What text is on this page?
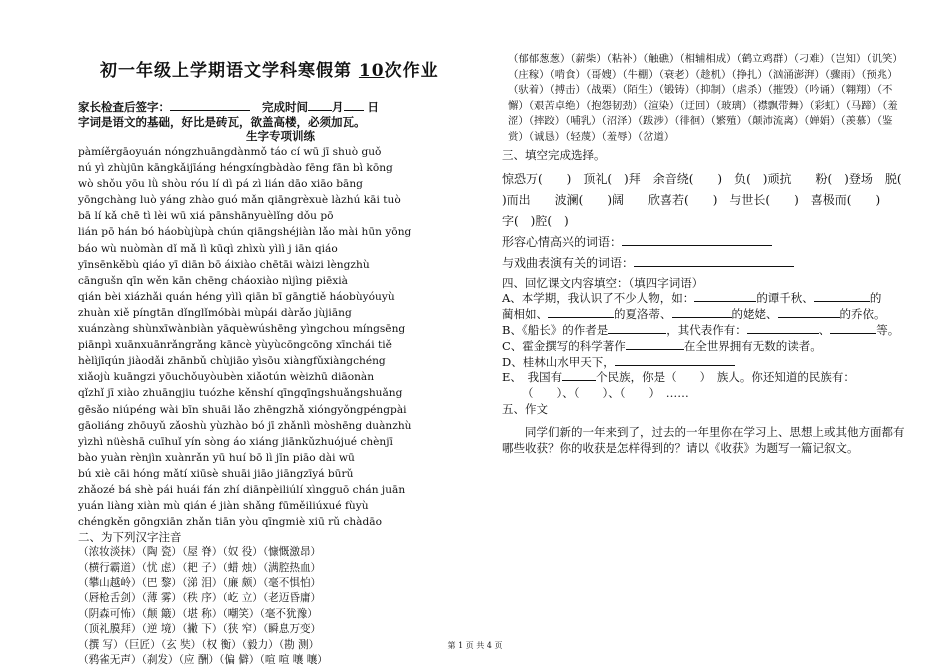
初一年级上学期语文学科寒假第 10次作业
家长检查后签字：	完成时间 月 日
字词是语文的基础，好比是砖瓦，欲盖高楼，必须加瓦。
生字专项训练
pàmíěrgāoyuán nóngzhuāngdànmǒ táo cí wū jī shuò guǒ
nú yì zhùjūn kāngkǎijīáng héngxíngbàdào fēng fān bì kōng
wò shǒu yōu lǜ shòu róu lí dì pá zì lián dāo xiāo bāng
yōngchàng luò yáng zhào guó mǎn qiāngrèxuè làzhú kāi tuò
bā lí kǎ chē tì lèi wū xiá pānshānyuèlǐng dǒu pō
lián pō hán bó háobùjùpà chún qiāngshéjiàn lǎo mài hūn yōng
báo wù nuòmàn dǐ mǎ lì kūqì zhìxù yìlì j iān qiáo
yīnsēnkěbù qiáo yī diān bō áixiào chētāi wàizi lèngzhù
cāngušn qīn wěn kān chēng cháoxiào nìjìng piēxià
qián bèi xiázhǎi quán héng yìlì qiān bī gāngtiě háobùyóuyù
zhuàn xiě píngtān dǐnglǐmóbài mùpái dàrǎo jùjiāng
xuánzàng shùnxīwànbiàn yāquèwúshēng yìngchou míngsēng
piānpì xuānxuānrǎngrǎng kāncè yùyùcōngcōng xīnchái tiě
hèlìjīqún jiàodǎi zhānbǔ chùjiāo yìsōu xiàngfǔxiàngchéng
xiǎojù kuāngzi yōuchǒuyòubèn xiǎotún wèizhū diāonàn
qǐzhǐ jī xiào zhuāngjiu tuózhe kěnshí qīngqīngshuǎngshuǎng
gēsǎo niúpéng wài bīn shuāi lǎo zhēngzhǎ xióngyǒngpéngpài
gāoliáng zhōuyǔ zǎoshù yùzhào bó jī zhǎnlì mòshēng duànzhù
yìzhì nüèshā cuīhuǐ yín sòng áo xiáng jiānkǔzhuójué chènjī
bào yuàn rènjìn xuànrǎn yū huí bō lì jīn piāo dài wū
bú xiè cāi hóng mǎtí xiūsè shuāi jiāo jiāngzīyá būrǔ
zhǎozé bá shè pái huái fán zhí diānpèiliúlí xìngguō chán juān
yuán liàng xiàn mù qián é jiàn shǎng fūměiliúxué fùyù
chéngkěn gōngxiān zhǎn tiān yòu qīngmiè xiū rǔ chàdāo
二、为下列汉字注音
（浓妆淡抹）（陶 瓷）（屋 脊）（奴 役）（慷慨激昂）
（横行霸道）（忧 虑）（耙 子）（蜡 烛）（满腔热血）
（攀山越岭）（巴 黎）（涕 泪）（廉 颇）（毫不惧怕）
（唇枪舌剑）（薄 雾）（秩 序）（屹 立）（老迈昏庸）
（阴森可怖）（颠 簸）（堪 称）（嘲笑）（毫不犹豫）
（顶礼膜拜）（逆 境）（撇 下）（狭 窄）（瞬息万变）
（撰 写）（巨匠）（玄 奘）（权 衡）（毅力）（勘 测）
（鸦雀无声）（刹发）（应 酬）（偏 僻）（喧 喧 嚷 嚷）
（郁郁葱葱）（薪柴）（粘补）（触礁）（相辅相成）（鹤立鸡群）（刁难）（岂知）（讥笑）（庄稼）（啃食）（哥嫂）（牛棚）（衰老）（趁机）（挣扎）（汹涌澎湃）（骤雨）（预兆）（驮着）（搏击）（战栗）（陌生）（锻铸）（抑制）（虐杀）（摧毁）（吟诵）（翱翔）（不懈）（艰苦卓绝）（抱怨韧劲）（渲染）（迂回）（玻璃）（襟飘带舞）（彩虹）（马蹄）（羞涩）（摔跤）（哺乳）（沼泽）（跋涉）（徘徊）（繁殖）（颠沛流离）（婵娟）（羡慕）（鉴赏）（诚恳）（轻蔑）（羞辱）（岔道）
三、填空完成选择。
惊恐万(　　)　顶礼(　)拜　余音绕(　　)　负(　)顽抗　　粉(　)登场　脱(
)而出　　波澜(　　)阔　　欣喜若(　　)　与世长(　　)　喜极而(　　)
字(　)腔(　)
形容心情高兴的词语：
与戏曲表演有关的词语：
四、回忆课文内容填空：（填四字词语）
A、本学期，我认识了不少人物，如：	的谭千秋、	的
蔺相如、	的夏洛蒂、	的姥姥、	的乔依。
B、《船长》的作者是	，其代表作有：	、	等。
C、霍金撰写的科学著作	在全世界拥有无数的读者。
D、桂林山水甲天下，
E、　我国有	个民族，你是（　　）　族人。你还知道的民族有：
（　　）、（　　）、（　　）　……
五、作文
同学们新的一年来到了，过去的一年里你在学习上、思想上或其他方面都有哪些收获？你的收获是怎样得到的？请以《收获》为题写一篇记叙文。
第 1 页 共 4 页
